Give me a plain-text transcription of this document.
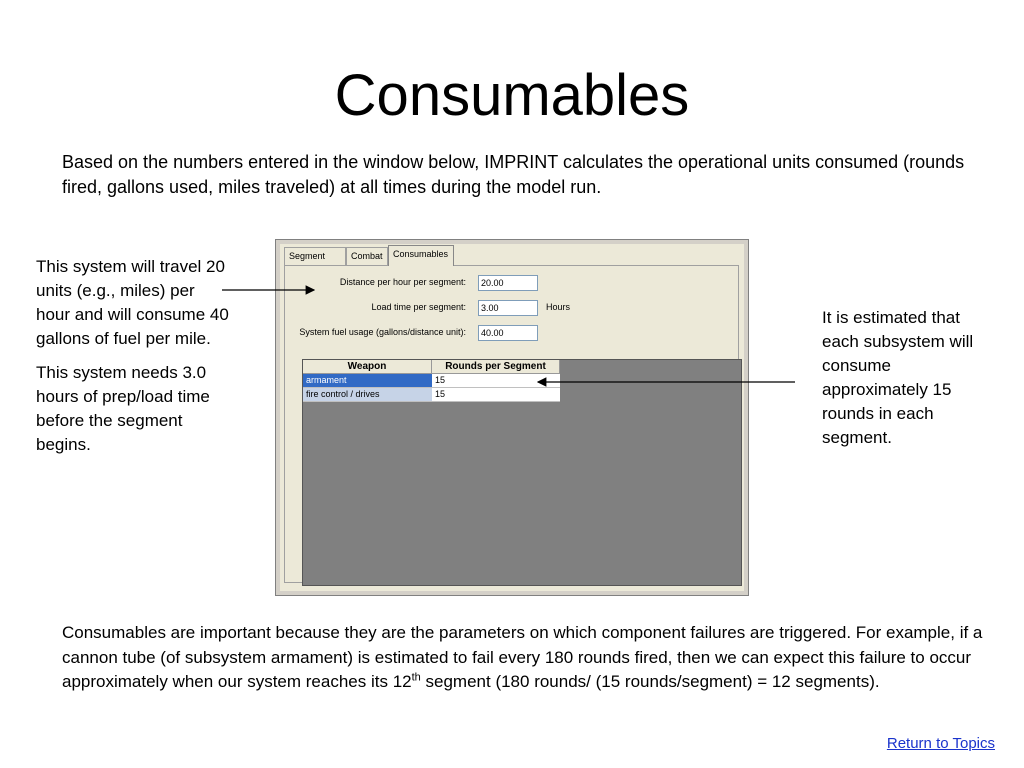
Consumables
Based on the numbers entered in the window below, IMPRINT calculates the operational units consumed (rounds fired, gallons used, miles traveled) at all times during the model run.

This system will travel 20 units (e.g., miles) per hour and will consume 40 gallons of fuel per mile.

This system needs 3.0 hours of prep/load time before the segment begins.

It is estimated that each subsystem will consume approximately 15 rounds in each segment.
Segment	Combat	Consumables
Distance per hour per segment:	20.00
Load time per segment:	3.00	Hours
System fuel usage (gallons/distance unit):	40.00
Weapon	Rounds per Segment
armament	15
fire control / drives	15
Consumables are important because they are the parameters on which component failures are triggered. For example, if a cannon tube (of subsystem armament) is estimated to fail every 180 rounds fired, then we can expect this failure to occur approximately when our system reaches its 12th segment (180 rounds/ (15 rounds/segment) = 12 segments).
Return to Topics
